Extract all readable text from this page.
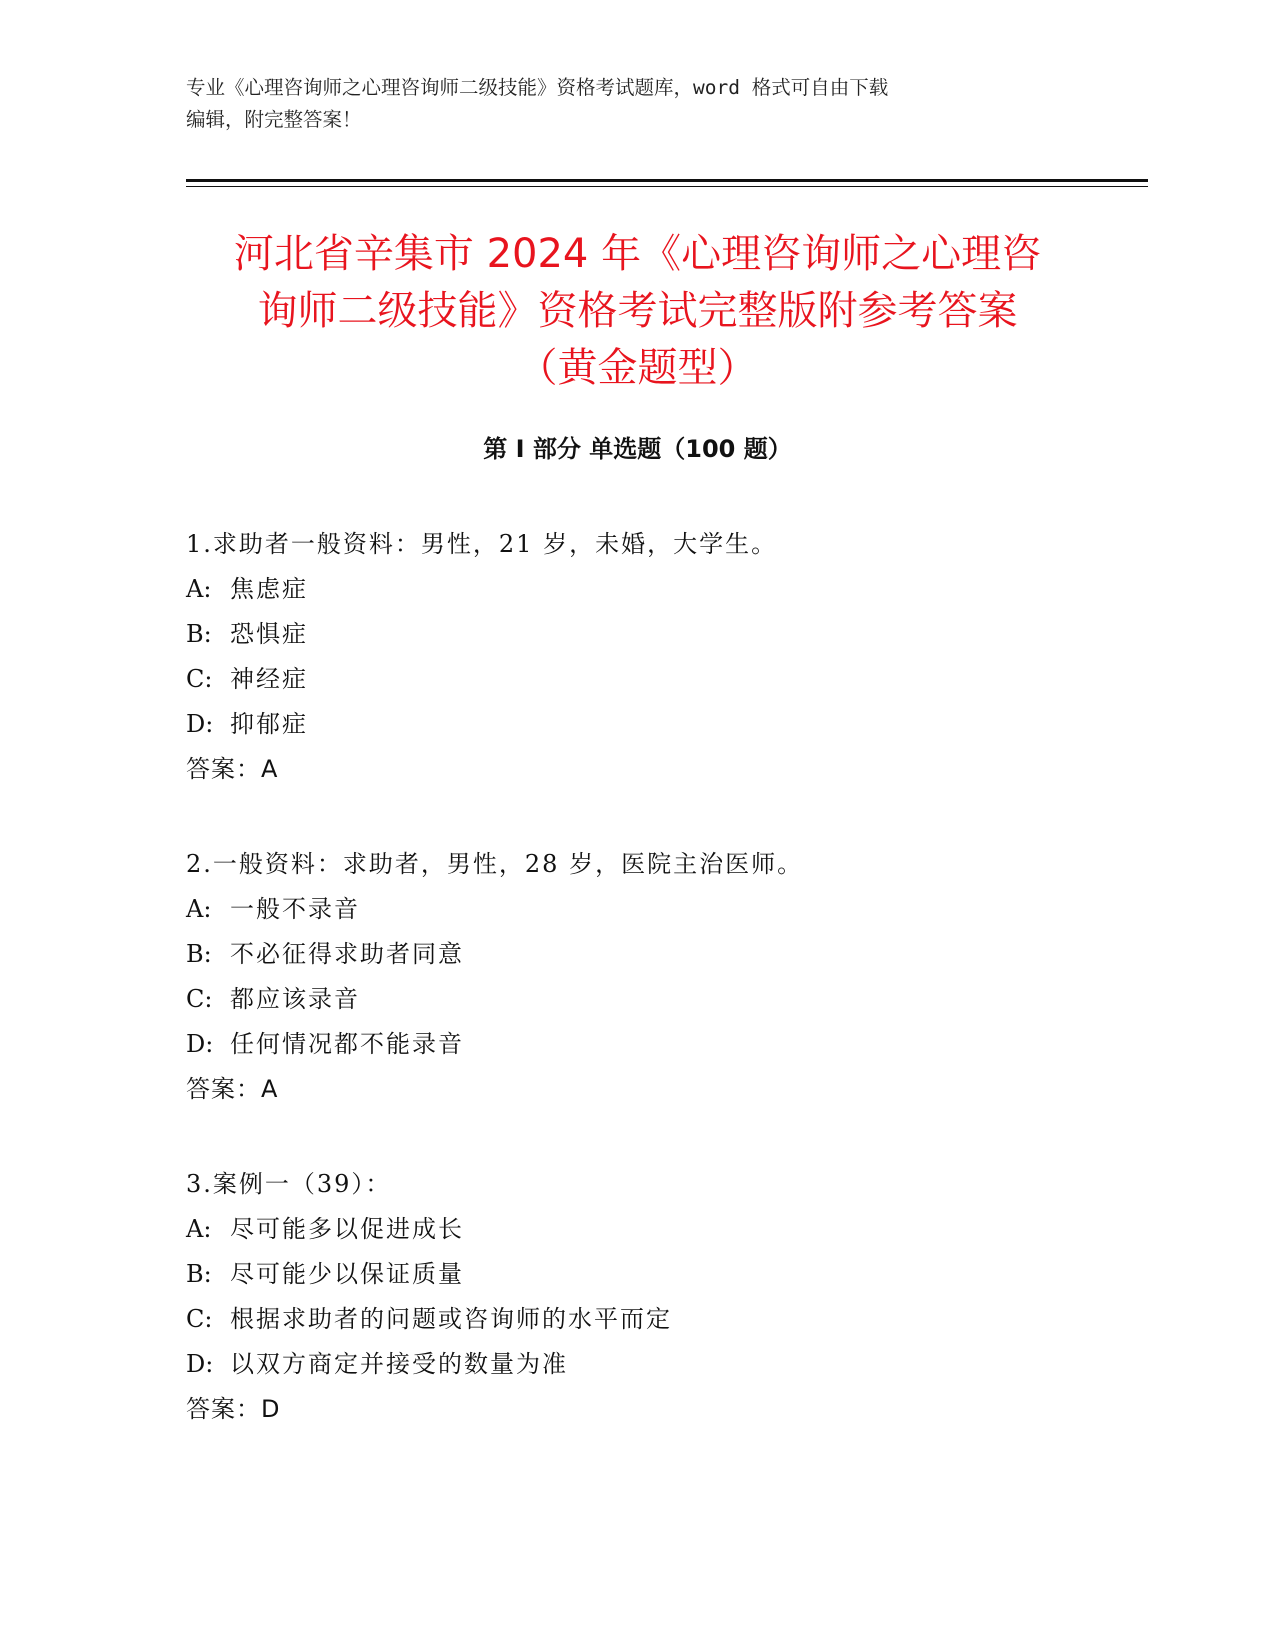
专业《心理咨询师之心理咨询师二级技能》资格考试题库，word 格式可自由下载
编辑，附完整答案！
河北省辛集市 2024 年《心理咨询师之心理咨
询师二级技能》资格考试完整版附参考答案
（黄金题型）
第 I 部分 单选题（100 题）
1.求助者一般资料：男性，21 岁，未婚，大学生。
A: 焦虑症
B: 恐惧症
C: 神经症
D: 抑郁症
答案：A
2.一般资料：求助者，男性，28 岁，医院主治医师。
A: 一般不录音
B: 不必征得求助者同意
C: 都应该录音
D: 任何情况都不能录音
答案：A
3.案例一（39）：
A: 尽可能多以促进成长
B: 尽可能少以保证质量
C: 根据求助者的问题或咨询师的水平而定
D: 以双方商定并接受的数量为准
答案：D
